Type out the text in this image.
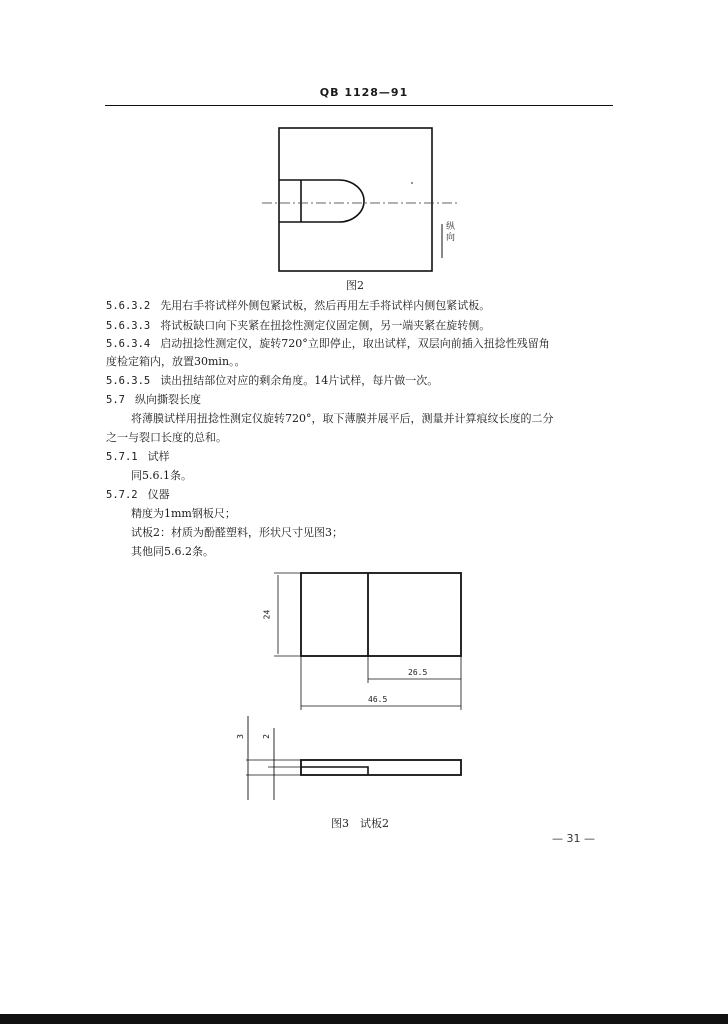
QB 1128—91
纵向
图2
5.6.3.2 先用右手将试样外侧包紧试板，然后再用左手将试样内侧包紧试板。
5.6.3.3 将试板缺口向下夹紧在扭捻性测定仪固定侧，另一端夹紧在旋转侧。
5.6.3.4 启动扭捻性测定仪，旋转720°立即停止，取出试样，双层向前插入扭捻性残留角
度检定箱内，放置30min。。
5.6.3.5 读出扭结部位对应的剩余角度。14片试样，每片做一次。
5.7 纵向撕裂长度
将薄膜试样用扭捻性测定仪旋转720°，取下薄膜并展平后，测量并计算痕纹长度的二分
之一与裂口长度的总和。
5.7.1 试样
同5.6.1条。
5.7.2 仪器
精度为1mm钢板尺；
试板2：材质为酚醛塑料，形状尺寸见图3；
其他同5.6.2条。
24
26.5
46.5
3 2
图3　试板2
— 31 —
